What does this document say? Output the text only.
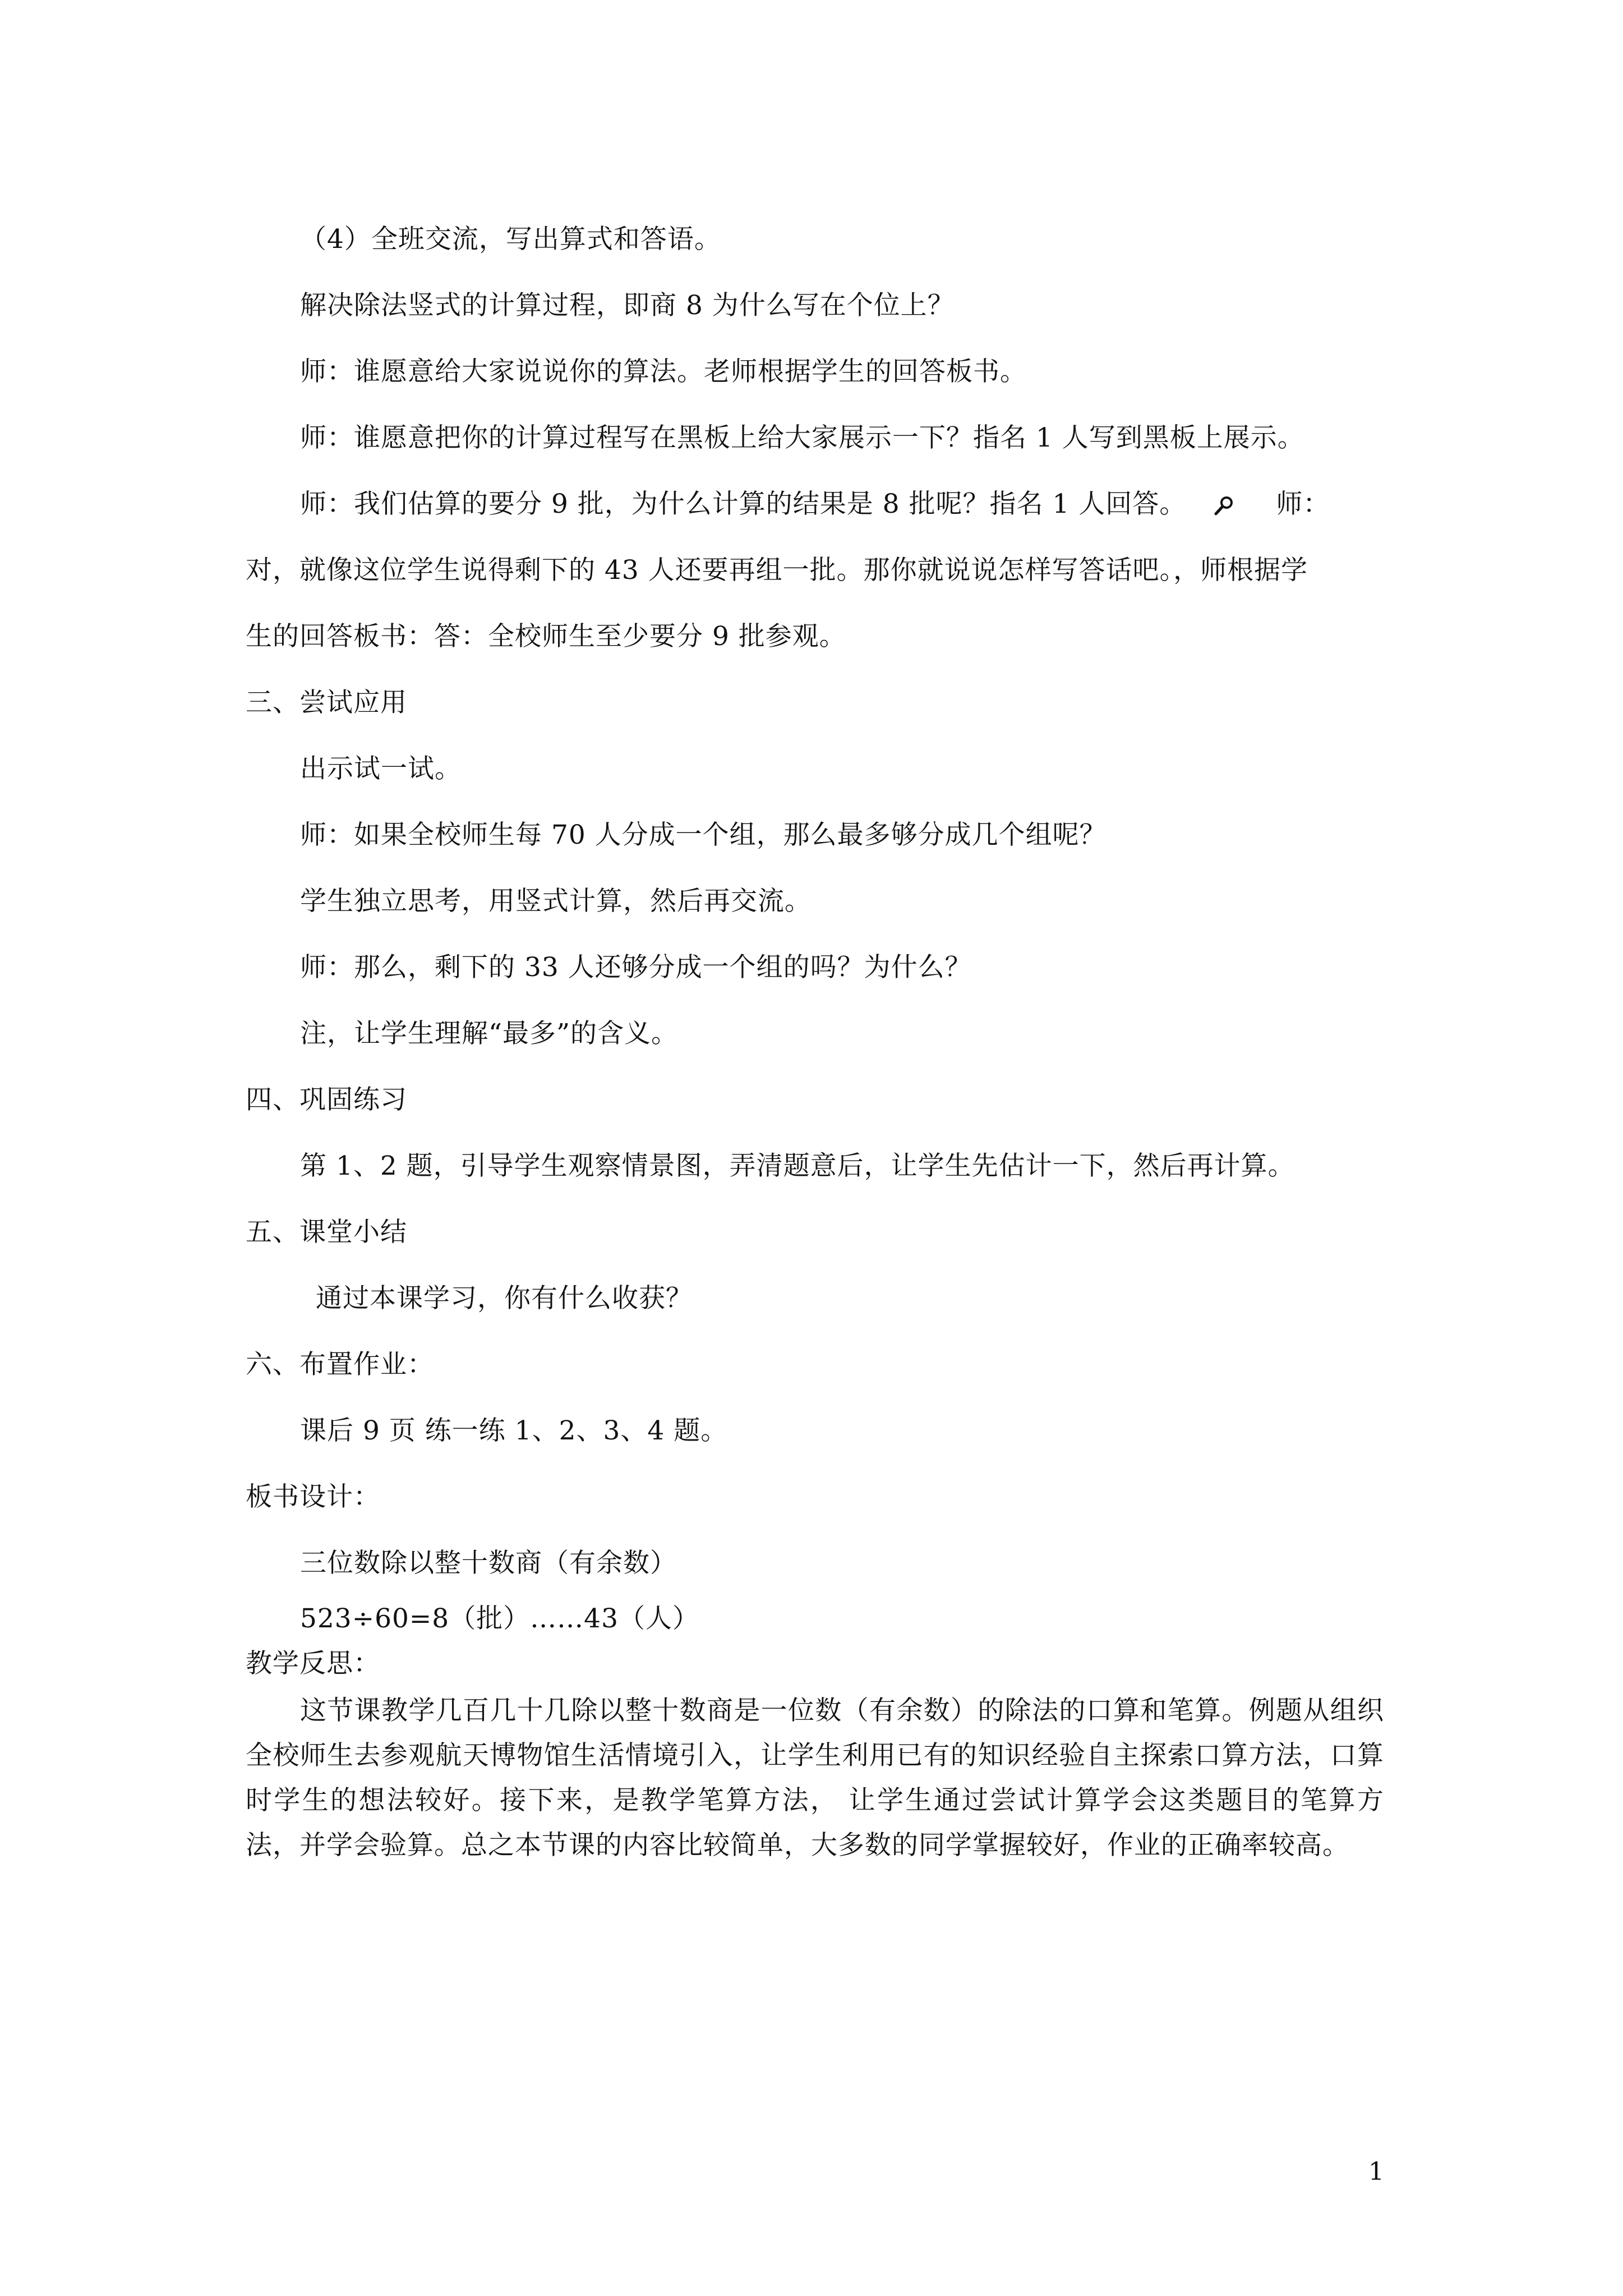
（4）全班交流，写出算式和答语。
解决除法竖式的计算过程，即商 8 为什么写在个位上？
师：谁愿意给大家说说你的算法。老师根据学生的回答板书。
师：谁愿意把你的计算过程写在黑板上给大家展示一下？指名 1 人写到黑板上展示。
师：我们估算的要分 9 批，为什么计算的结果是 8 批呢？指名 1 人回答。	师：
对，就像这位学生说得剩下的 43 人还要再组一批。那你就说说怎样写答话吧。，师根据学
生的回答板书：答：全校师生至少要分 9 批参观。
三、尝试应用
出示试一试。
师：如果全校师生每 70 人分成一个组，那么最多够分成几个组呢？
学生独立思考，用竖式计算，然后再交流。
师：那么，剩下的 33 人还够分成一个组的吗？为什么？
注，让学生理解“最多”的含义。
四、巩固练习
第 1、2 题，引导学生观察情景图，弄清题意后，让学生先估计一下，然后再计算。
五、课堂小结
通过本课学习，你有什么收获？
六、布置作业：
课后 9 页 练一练 1、2、3、4 题。
板书设计：
三位数除以整十数商（有余数）
523÷60=8（批）……43（人）
教学反思：
这节课教学几百几十几除以整十数商是一位数（有余数）的除法的口算和笔算。例题从组织全校师生去参观航天博物馆生活情境引入，让学生利用已有的知识经验自主探索口算方法，口算时学生的想法较好。接下来，是教学笔算方法， 让学生通过尝试计算学会这类题目的笔算方法，并学会验算。总之本节课的内容比较简单，大多数的同学掌握较好，作业的正确率较高。
1
